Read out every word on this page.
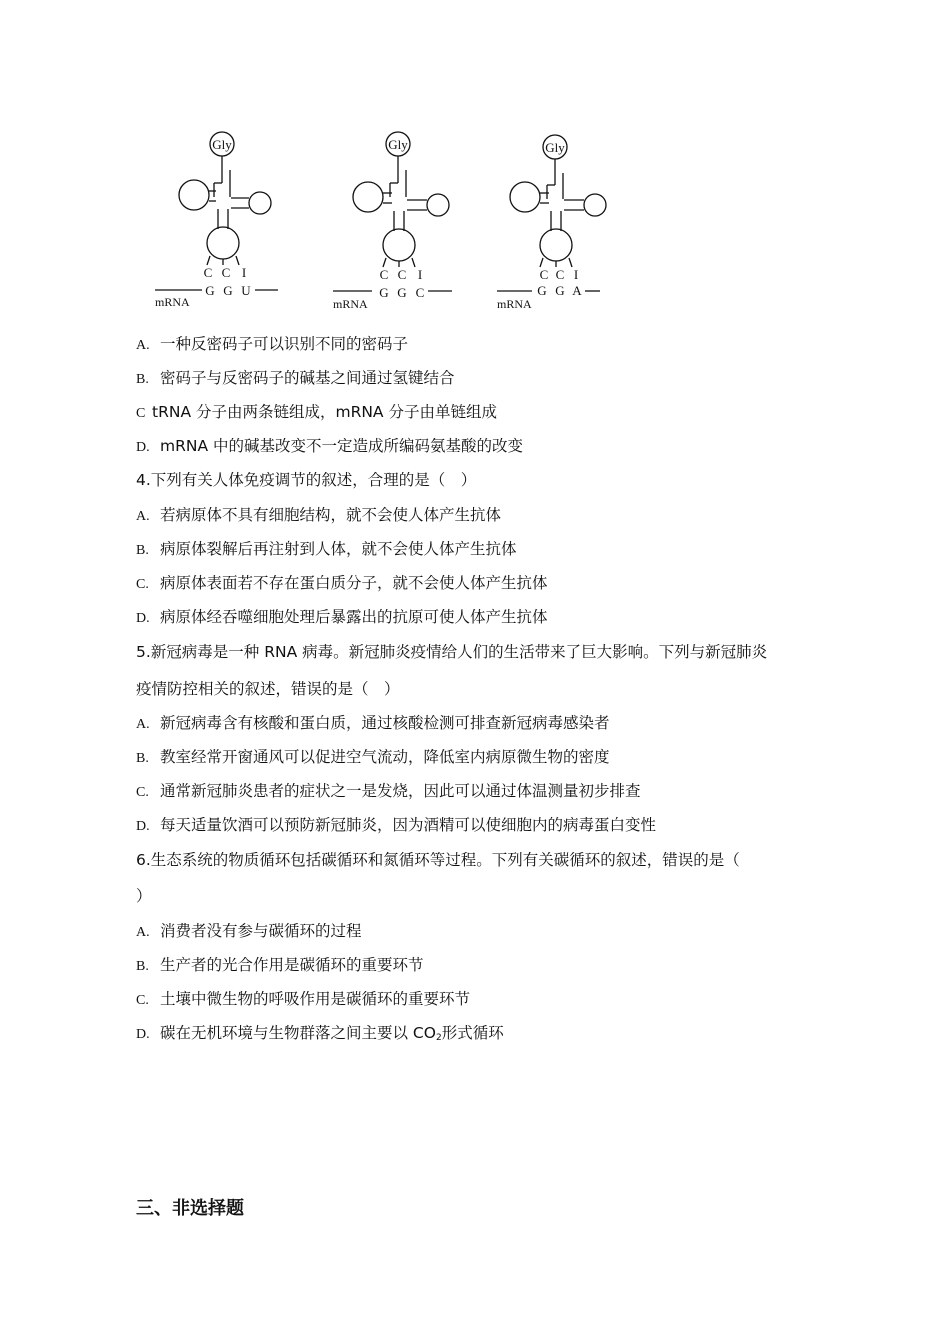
Gly	Gly	Gly
C C I	C C I	C C I
G G U	G G C	G G A
mRNA	mRNA	mRNA
A. 一种反密码子可以识别不同的密码子
B. 密码子与反密码子的碱基之间通过氢键结合
C tRNA 分子由两条链组成，mRNA 分子由单链组成
D. mRNA 中的碱基改变不一定造成所编码氨基酸的改变
4.下列有关人体免疫调节的叙述，合理的是（　）
A. 若病原体不具有细胞结构，就不会使人体产生抗体
B. 病原体裂解后再注射到人体，就不会使人体产生抗体
C. 病原体表面若不存在蛋白质分子，就不会使人体产生抗体
D. 病原体经吞噬细胞处理后暴露出的抗原可使人体产生抗体
5.新冠病毒是一种 RNA 病毒。新冠肺炎疫情给人们的生活带来了巨大影响。下列与新冠肺炎
疫情防控相关的叙述，错误的是（　）
A. 新冠病毒含有核酸和蛋白质，通过核酸检测可排查新冠病毒感染者
B. 教室经常开窗通风可以促进空气流动，降低室内病原微生物的密度
C. 通常新冠肺炎患者的症状之一是发烧，因此可以通过体温测量初步排查
D. 每天适量饮酒可以预防新冠肺炎，因为酒精可以使细胞内的病毒蛋白变性
6.生态系统的物质循环包括碳循环和氮循环等过程。下列有关碳循环的叙述，错误的是（
）
A. 消费者没有参与碳循环的过程
B. 生产者的光合作用是碳循环的重要环节
C. 土壤中微生物的呼吸作用是碳循环的重要环节
D. 碳在无机环境与生物群落之间主要以 $CO_2$形式循环
三、非选择题
